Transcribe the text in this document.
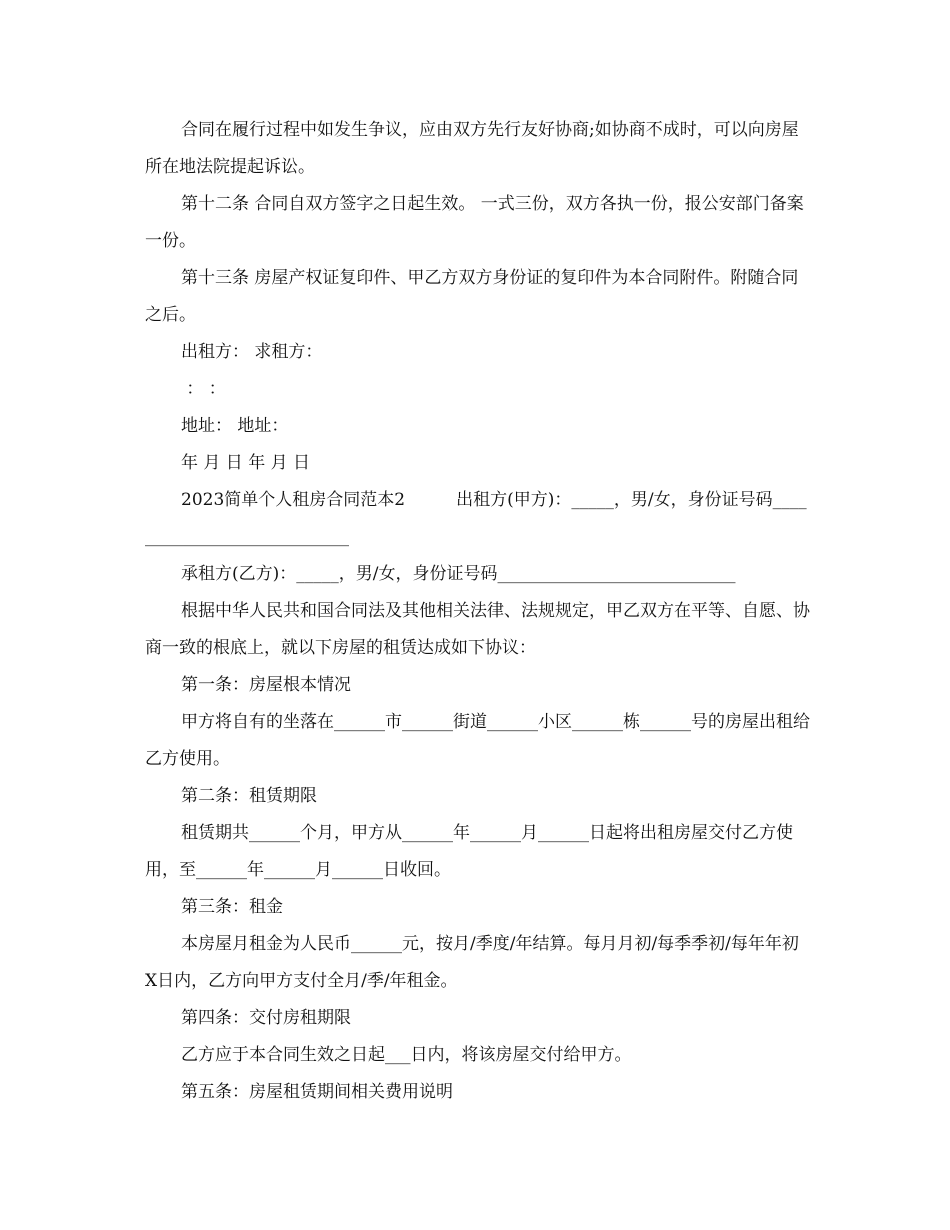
合同在履行过程中如发生争议，应由双方先行友好协商;如协商不成时，可以向房屋所在地法院提起诉讼。

第十二条 合同自双方签字之日起生效。 一式三份，双方各执一份，报公安部门备案一份。

第十三条 房屋产权证复印件、甲乙方双方身份证的复印件为本合同附件。附随合同之后。

出租方： 求租方：

： ：

地址： 地址：

年 月 日 年 月 日

2023简单个人租房合同范本2　　　出租方(甲方)：_____，男/女，身份证号码____________________________

承租方(乙方)：_____，男/女，身份证号码____________________________

根据中华人民共和国合同法及其他相关法律、法规规定，甲乙双方在平等、自愿、协商一致的根底上，就以下房屋的租赁达成如下协议：

第一条：房屋根本情况

甲方将自有的坐落在______市______街道______小区______栋______号的房屋出租给乙方使用。

第二条：租赁期限

租赁期共______个月，甲方从______年______月______日起将出租房屋交付乙方使用，至______年______月______日收回。

第三条：租金

本房屋月租金为人民币______元，按月/季度/年结算。每月月初/每季季初/每年年初X日内，乙方向甲方支付全月/季/年租金。

第四条：交付房租期限

乙方应于本合同生效之日起___日内，将该房屋交付给甲方。

第五条：房屋租赁期间相关费用说明
